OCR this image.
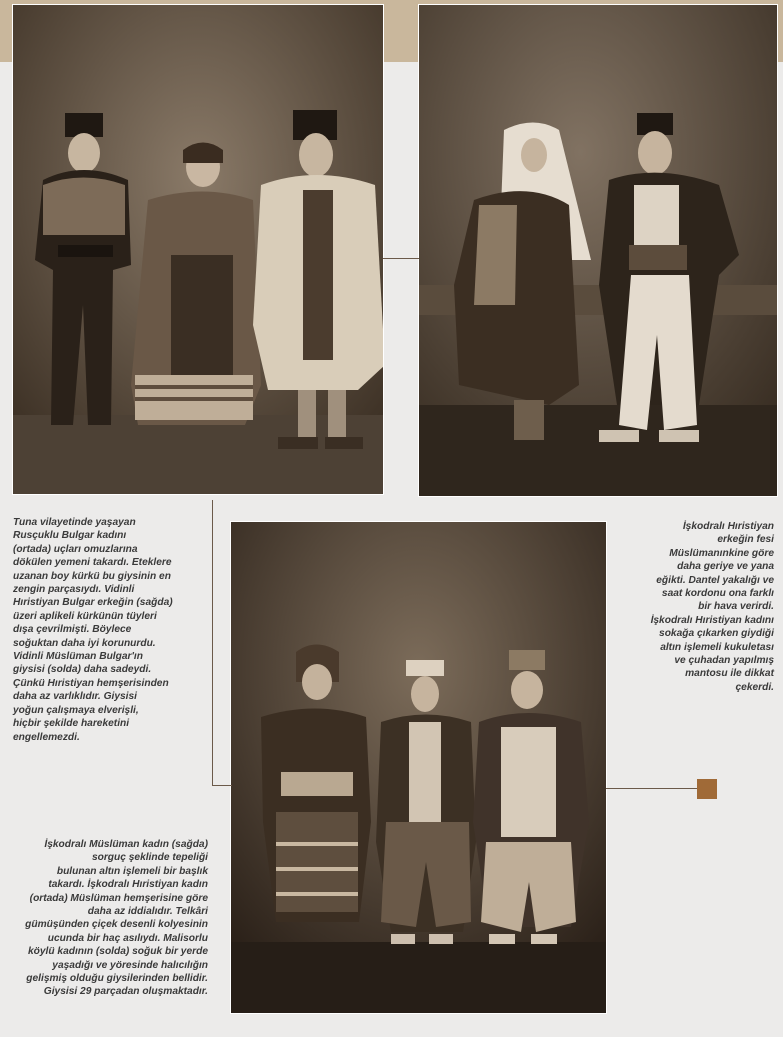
Tuna vilayetinde yaşayan
Rusçuklu Bulgar kadını
(ortada) uçları omuzlarına
dökülen yemeni takardı. Eteklere
uzanan boy kürkü bu giysinin en
zengin parçasıydı. Vidinli
Hıristiyan Bulgar erkeğin (sağda)
üzeri aplikeli kürkünün tüyleri
dışa çevrilmişti. Böylece
soğuktan daha iyi korunurdu.
Vidinli Müslüman Bulgar'ın
giysisi (solda) daha sadeydi.
Çünkü Hıristiyan hemşerisinden
daha az varlıklıdır. Giysisi
yoğun çalışmaya elverişli,
hiçbir şekilde hareketini
engellemezdi.

İşkodralı Hıristiyan
erkeğin fesi
Müslümanınkine göre
daha geriye ve yana
eğikti. Dantel yakalığı ve
saat kordonu ona farklı
bir hava verirdi.
İşkodralı Hıristiyan kadını
sokağa çıkarken giydiği
altın işlemeli kukuletası
ve çuhadan yapılmış
mantosu ile dikkat
çekerdi.

İşkodralı Müslüman kadın (sağda)
sorguç şeklinde tepeliği
bulunan altın işlemeli bir başlık
takardı. İşkodralı Hıristiyan kadın
(ortada) Müslüman hemşerisine göre
daha az iddialıdır. Telkâri
gümüşünden çiçek desenli kolyesinin
ucunda bir haç asılıydı. Malisorlu
köylü kadının (solda) soğuk bir yerde
yaşadığı ve yöresinde halıcılığın
gelişmiş olduğu giysilerinden bellidir.
Giysisi 29 parçadan oluşmaktadır.
